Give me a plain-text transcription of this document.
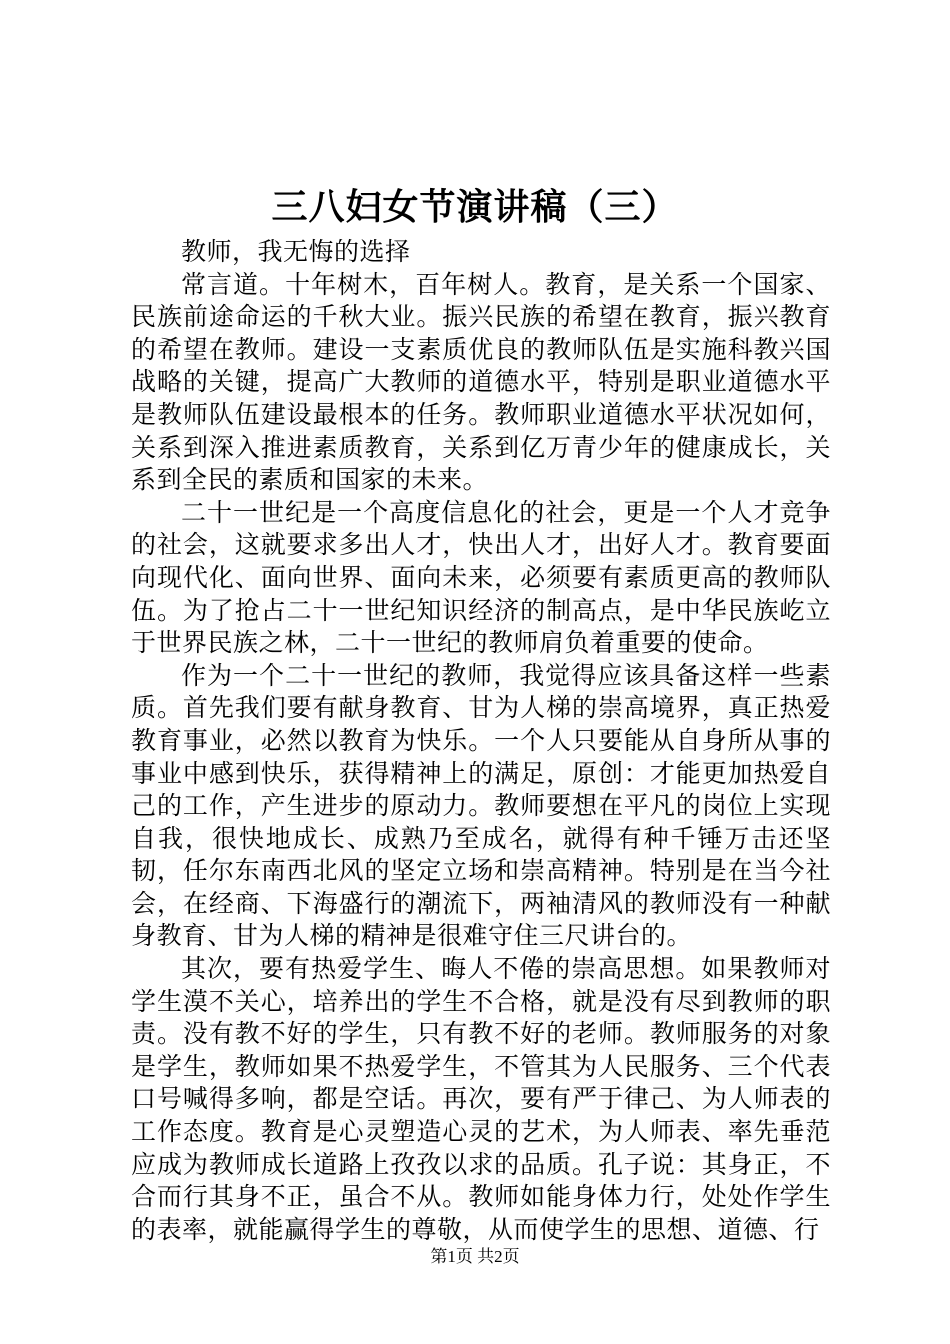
三八妇女节演讲稿（三）

教师，我无悔的选择

常言道。十年树木，百年树人。教育，是关系一个国家、民族前途命运的千秋大业。振兴民族的希望在教育，振兴教育的希望在教师。建设一支素质优良的教师队伍是实施科教兴国战略的关键，提高广大教师的道德水平，特别是职业道德水平是教师队伍建设最根本的任务。教师职业道德水平状况如何，关系到深入推进素质教育，关系到亿万青少年的健康成长，关系到全民的素质和国家的未来。

二十一世纪是一个高度信息化的社会，更是一个人才竞争的社会，这就要求多出人才，快出人才，出好人才。教育要面向现代化、面向世界、面向未来，必须要有素质更高的教师队伍。为了抢占二十一世纪知识经济的制高点，是中华民族屹立于世界民族之林，二十一世纪的教师肩负着重要的使命。

作为一个二十一世纪的教师，我觉得应该具备这样一些素质。首先我们要有献身教育、甘为人梯的崇高境界，真正热爱教育事业，必然以教育为快乐。一个人只要能从自身所从事的事业中感到快乐，获得精神上的满足，原创：才能更加热爱自己的工作，产生进步的原动力。教师要想在平凡的岗位上实现自我，很快地成长、成熟乃至成名，就得有种千锤万击还坚韧，任尔东南西北风的坚定立场和崇高精神。特别是在当今社会，在经商、下海盛行的潮流下，两袖清风的教师没有一种献身教育、甘为人梯的精神是很难守住三尺讲台的。

其次，要有热爱学生、晦人不倦的崇高思想。如果教师对学生漠不关心，培养出的学生不合格，就是没有尽到教师的职责。没有教不好的学生，只有教不好的老师。教师服务的对象是学生，教师如果不热爱学生，不管其为人民服务、三个代表口号喊得多响，都是空话。再次，要有严于律己、为人师表的工作态度。教育是心灵塑造心灵的艺术，为人师表、率先垂范应成为教师成长道路上孜孜以求的品质。孔子说：其身正，不合而行其身不正，虽合不从。教师如能身体力行，处处作学生的表率，就能赢得学生的尊敬，从而使学生的思想、道德、行

第1页 共2页
